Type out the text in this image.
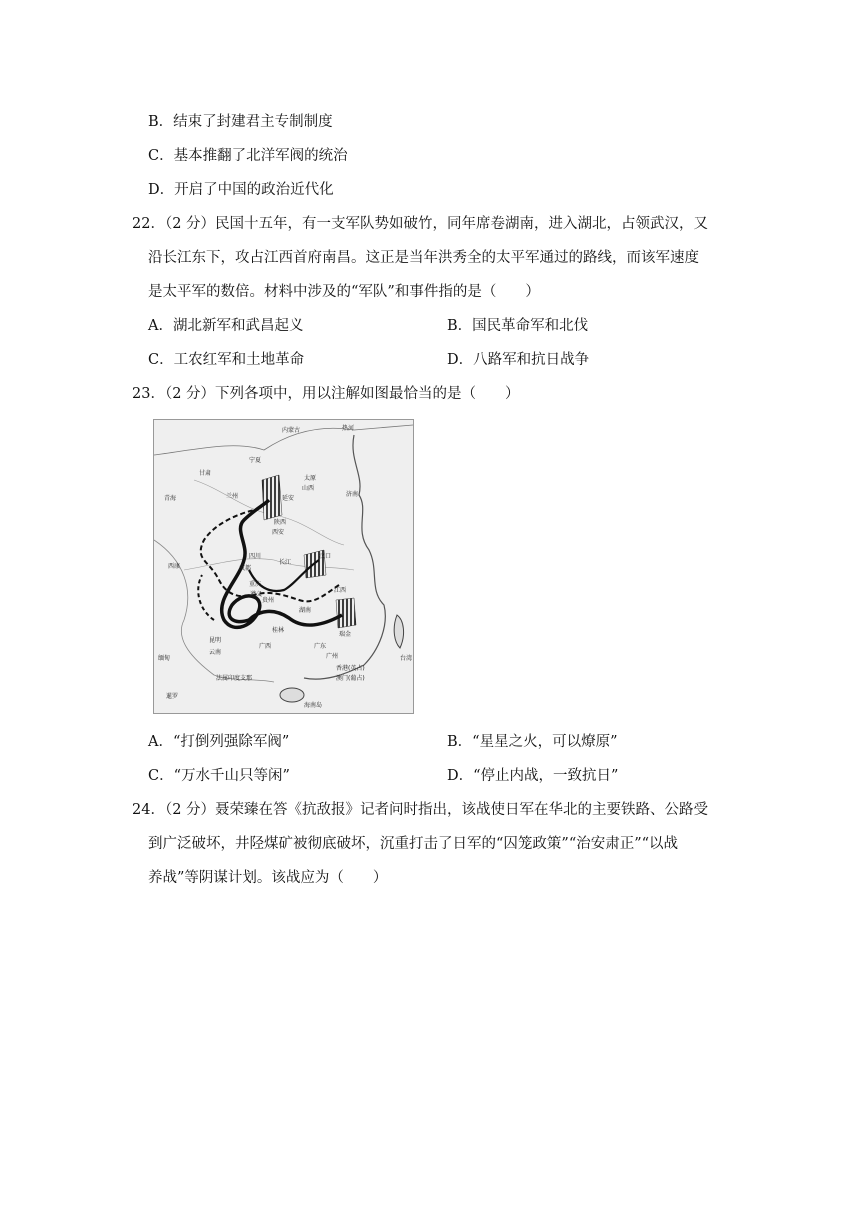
B．结束了封建君主专制制度
C．基本推翻了北洋军阀的统治
D．开启了中国的政治近代化
22．（2 分）民国十五年，有一支军队势如破竹，同年席卷湖南，进入湖北，占领武汉，又
沿长江东下，攻占江西首府南昌。这正是当年洪秀全的太平军通过的路线，而该军速度
是太平军的数倍。材料中涉及的“军队”和事件指的是（　　）
A．湖北新军和武昌起义	B．国民革命军和北伐
C．工农红军和土地革命	D．八路军和抗日战争
23．（2 分）下列各项中，用以注解如图最恰当的是（　　）
内蒙古	热河
甘肃
宁夏
青海
陕西
山西
太原
延安
西安
兰州	济南
四川
成都
重庆
长江
汉口
西康
贵州
遵义
湖南
江西
瑞金
昆明
云南
广西
桂林
广东
广州
香港(英占)
澳门(葡占)
缅甸
法属印度支那
暹罗
海南岛
台湾
A．“打倒列强除军阀”	B．“星星之火，可以燎原”
C．“万水千山只等闲”	D．“停止内战，一致抗日”
24．（2 分）聂荣臻在答《抗敌报》记者问时指出，该战使日军在华北的主要铁路、公路受
到广泛破坏，井陉煤矿被彻底破坏，沉重打击了日军的“囚笼政策”“治安肃正”“以战
养战”等阴谋计划。该战应为（　　）
